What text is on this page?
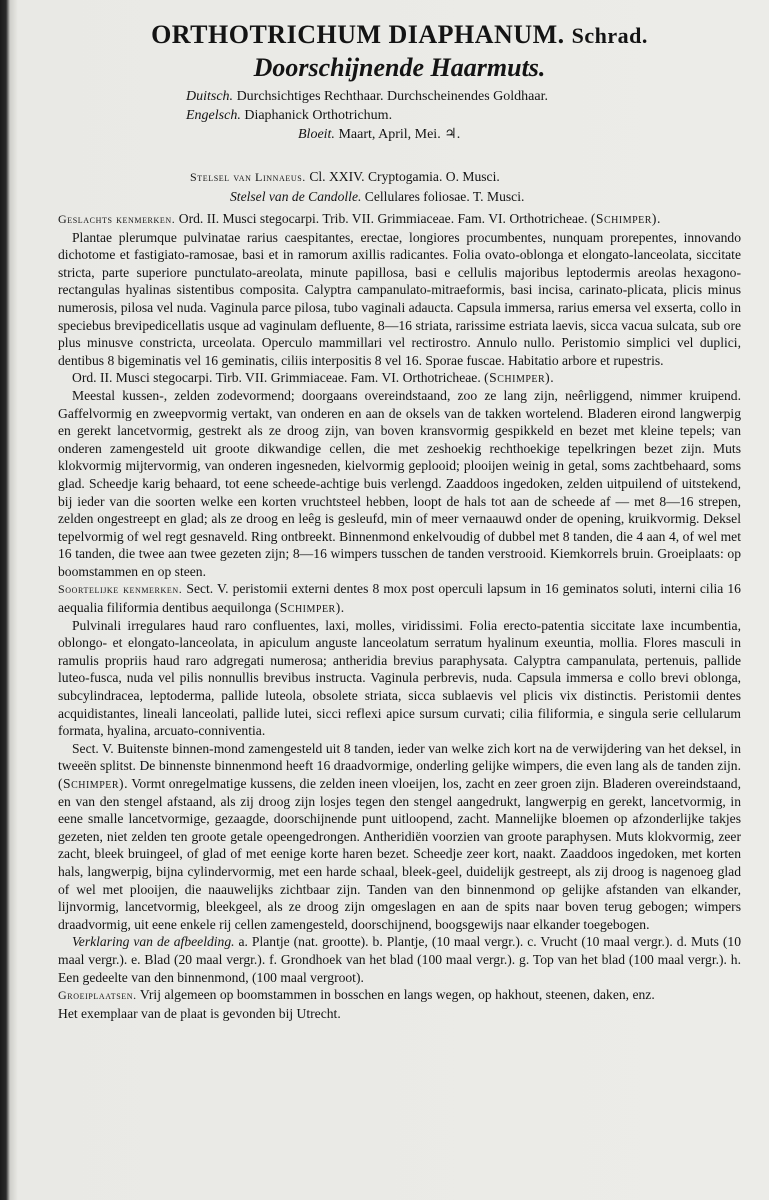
ORTHOTRICHUM DIAPHANUM. Schrad.
Doorschijnende Haarmuts.
Duitsch. Durchsichtiges Rechthaar. Durchscheinendes Goldhaar.
Engelsch. Diaphanick Orthotrichum.
Bloeit. Maart, April, Mei. ♃.
Stelsel van Linnaeus. Cl. XXIV. Cryptogamia. O. Musci.
Stelsel van de Candolle. Cellulares foliosae. T. Musci.

Geslachts kenmerken. Ord. II. Musci stegocarpi. Trib. VII. Grimmiaceae. Fam. VI. Orthotricheae. (Schimper).

Plantae plerumque pulvinatae rarius caespitantes, erectae, longiores procumbentes, nunquam prorepentes, innovando dichotome et fastigiato-ramosae, basi et in ramorum axillis radicantes. Folia ovato-oblonga et elongato-lanceolata, siccitate stricta, parte superiore punctulato-areolata, minute papillosa, basi e cellulis majoribus leptodermis areolas hexagono-rectangulas hyalinas sistentibus composita. Calyptra campanulato-mitraeformis, basi incisa, carinato-plicata, plicis minus numerosis, pilosa vel nuda. Vaginula parce pilosa, tubo vaginali adaucta. Capsula immersa, rarius emersa vel exserta, collo in speciebus brevipedicellatis usque ad vaginulam defluente, 8—16 striata, rarissime estriata laevis, sicca vacua sulcata, sub ore plus minusve constricta, urceolata. Operculo mammillari vel rectirostro. Annulo nullo. Peristomio simplici vel duplici, dentibus 8 bigeminatis vel 16 geminatis, ciliis interpositis 8 vel 16. Sporae fuscae. Habitatio arbore et rupestris.

Ord. II. Musci stegocarpi. Tirb. VII. Grimmiaceae. Fam. VI. Orthotricheae. (Schimper).

Meestal kussen-, zelden zodevormend; doorgaans overeindstaand, zoo ze lang zijn, neêrliggend, nimmer kruipend. Gaffelvormig en zweepvormig vertakt, van onderen en aan de oksels van de takken wortelend. Bladeren eirond langwerpig en gerekt lancetvormig, gestrekt als ze droog zijn, van boven kransvormig gespikkeld en bezet met kleine tepels; van onderen zamengesteld uit groote dikwandige cellen, die met zeshoekig rechthoekige tepelkringen bezet zijn. Muts klokvormig mijtervormig, van onderen ingesneden, kielvormig geplooid; plooijen weinig in getal, soms zachtbehaard, soms glad. Scheedje karig behaard, tot eene scheede-achtige buis verlengd. Zaaddoos ingedoken, zelden uitpuilend of uitstekend, bij ieder van die soorten welke een korten vruchtsteel hebben, loopt de hals tot aan de scheede af — met 8—16 strepen, zelden ongestreept en glad; als ze droog en leêg is gesleufd, min of meer vernaauwd onder de opening, kruikvormig. Deksel tepelvormig of wel regt gesnaveld. Ring ontbreekt. Binnenmond enkelvoudig of dubbel met 8 tanden, die 4 aan 4, of wel met 16 tanden, die twee aan twee gezeten zijn; 8—16 wimpers tusschen de tanden verstrooid. Kiemkorrels bruin. Groeiplaats: op boomstammen en op steen.

Soortelijke kenmerken. Sect. V. peristomii externi dentes 8 mox post operculi lapsum in 16 geminatos soluti, interni cilia 16 aequalia filiformia dentibus aequilonga (Schimper).

Pulvinali irregulares haud raro confluentes, laxi, molles, viridissimi. Folia erecto-patentia siccitate laxe incumbentia, oblongo- et elongato-lanceolata, in apiculum anguste lanceolatum serratum hyalinum exeuntia, mollia. Flores masculi in ramulis propriis haud raro adgregati numerosa; antheridia brevius paraphysata. Calyptra campanulata, pertenuis, pallide luteo-fusca, nuda vel pilis nonnullis brevibus instructa. Vaginula perbrevis, nuda. Capsula immersa e collo brevi oblonga, subcylindracea, leptoderma, pallide luteola, obsolete striata, sicca sublaevis vel plicis vix distinctis. Peristomii dentes acquidistantes, lineali lanceolati, pallide lutei, sicci reflexi apice sursum curvati; cilia filiformia, e singula serie cellularum formata, hyalina, arcuato-conniventia.

Sect. V. Buitenste binnen-mond zamengesteld uit 8 tanden, ieder van welke zich kort na de verwijdering van het deksel, in tweeën splitst. De binnenste binnenmond heeft 16 draadvormige, onderling gelijke wimpers, die even lang als de tanden zijn. (Schimper). Vormt onregelmatige kussens, die zelden ineen vloeijen, los, zacht en zeer groen zijn. Bladeren overeindstaand, en van den stengel afstaand, als zij droog zijn losjes tegen den stengel aangedrukt, langwerpig en gerekt, lancetvormig, in eene smalle lancetvormige, gezaagde, doorschijnende punt uitloopend, zacht. Mannelijke bloemen op afzonderlijke takjes gezeten, niet zelden ten groote getale opeengedrongen. Antheridiën voorzien van groote paraphysen. Muts klokvormig, zeer zacht, bleek bruingeel, of glad of met eenige korte haren bezet. Scheedje zeer kort, naakt. Zaaddoos ingedoken, met korten hals, langwerpig, bijna cylindervormig, met een harde schaal, bleek-geel, duidelijk gestreept, als zij droog is nagenoeg glad of wel met plooijen, die naauwelijks zichtbaar zijn. Tanden van den binnenmond op gelijke afstanden van elkander, lijnvormig, lancetvormig, bleekgeel, als ze droog zijn omgeslagen en aan de spits naar boven terug gebogen; wimpers draadvormig, uit eene enkele rij cellen zamengesteld, doorschijnend, boogsgewijs naar elkander toegebogen.

Verklaring van de afbeelding. a. Plantje (nat. grootte). b. Plantje, (10 maal vergr.). c. Vrucht (10 maal vergr.). d. Muts (10 maal vergr.). e. Blad (20 maal vergr.). f. Grondhoek van het blad (100 maal vergr.). g. Top van het blad (100 maal vergr.). h. Een gedeelte van den binnenmond, (100 maal vergroot).

Groeiplaatsen. Vrij algemeen op boomstammen in bosschen en langs wegen, op hakhout, steenen, daken, enz.

Het exemplaar van de plaat is gevonden bij Utrecht.
